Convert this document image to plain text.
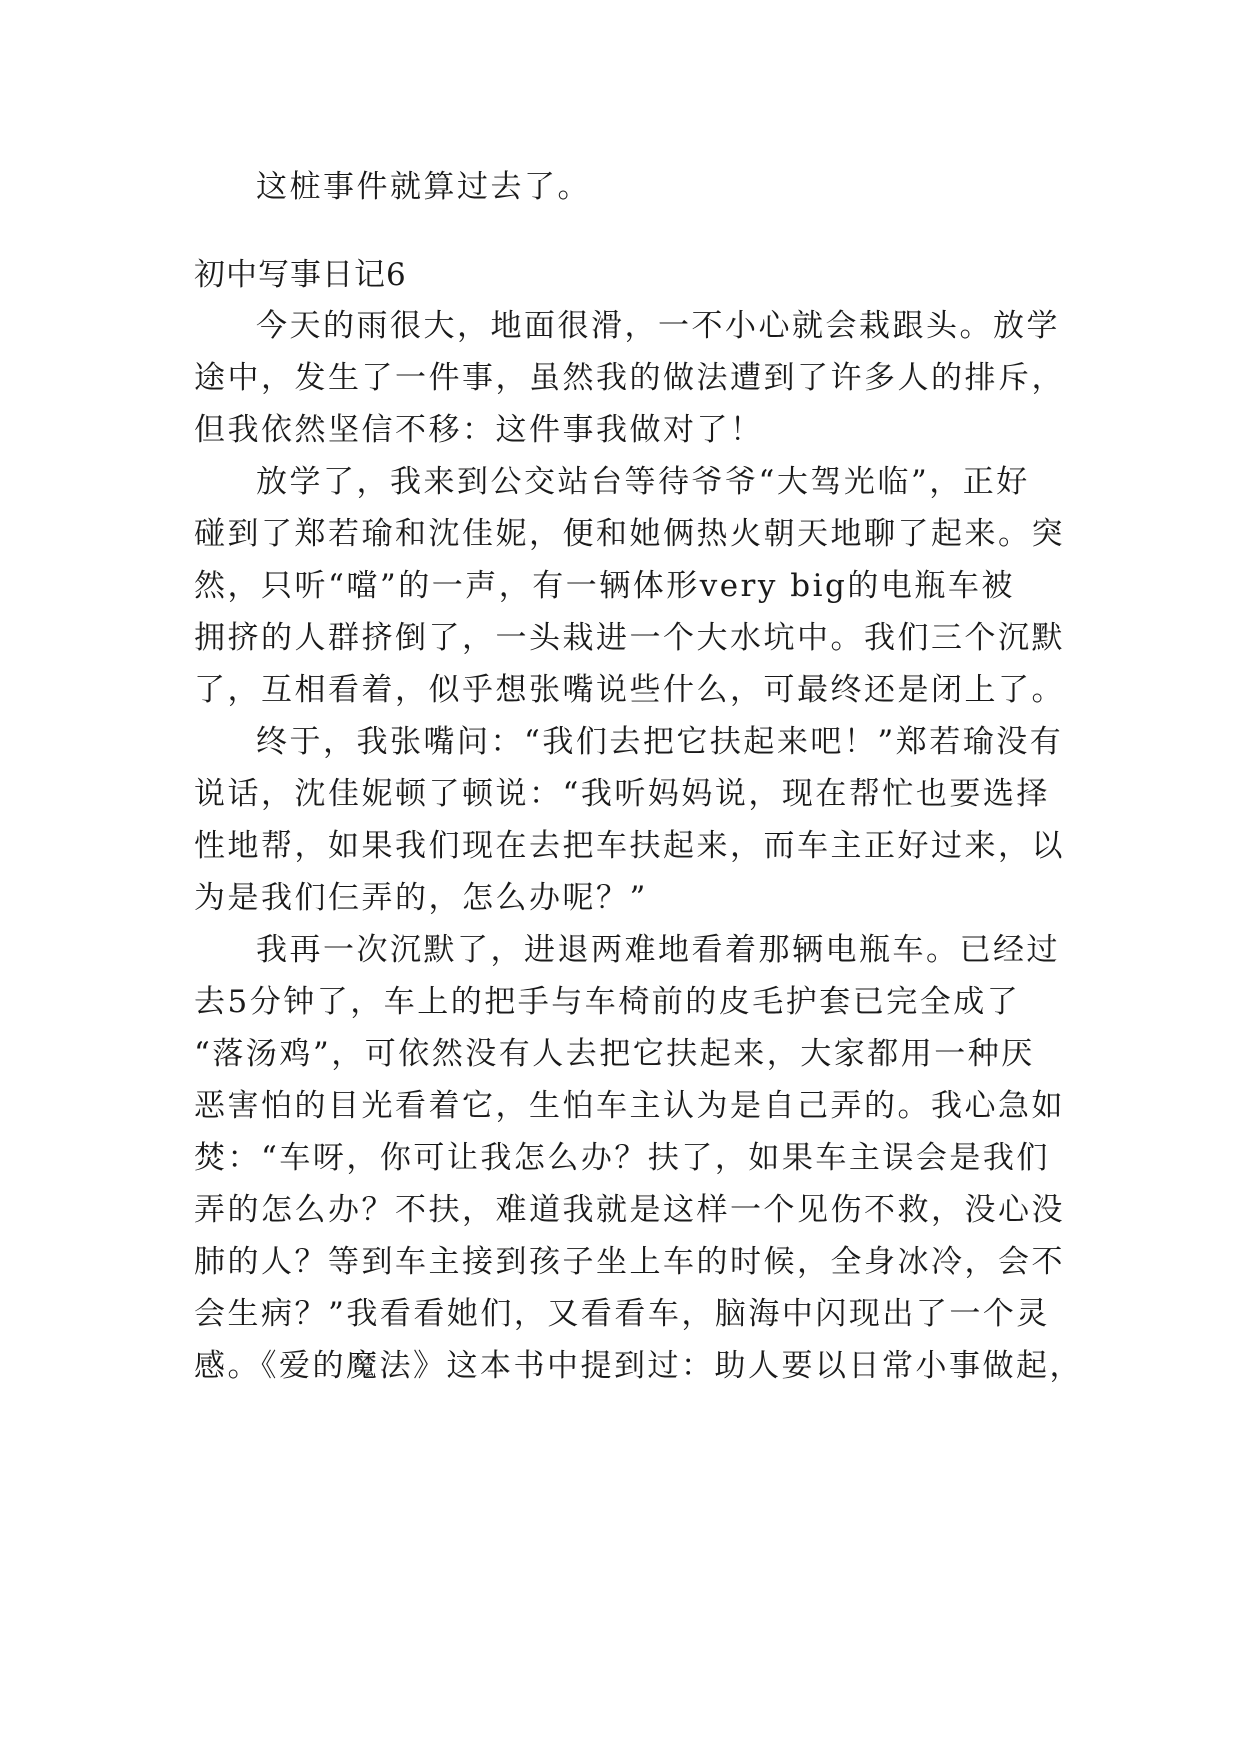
这桩事件就算过去了。
初中写事日记6
今天的雨很大，地面很滑，一不小心就会栽跟头。放学
途中，发生了一件事，虽然我的做法遭到了许多人的排斥，
但我依然坚信不移：这件事我做对了！
放学了，我来到公交站台等待爷爷“大驾光临”，正好
碰到了郑若瑜和沈佳妮，便和她俩热火朝天地聊了起来。突
然，只听“噹”的一声，有一辆体形very big的电瓶车被
拥挤的人群挤倒了，一头栽进一个大水坑中。我们三个沉默
了，互相看着，似乎想张嘴说些什么，可最终还是闭上了。
终于，我张嘴问：“我们去把它扶起来吧！”郑若瑜没有
说话，沈佳妮顿了顿说：“我听妈妈说，现在帮忙也要选择
性地帮，如果我们现在去把车扶起来，而车主正好过来，以
为是我们仨弄的，怎么办呢？”
我再一次沉默了，进退两难地看着那辆电瓶车。已经过
去5分钟了，车上的把手与车椅前的皮毛护套已完全成了
“落汤鸡”，可依然没有人去把它扶起来，大家都用一种厌
恶害怕的目光看着它，生怕车主认为是自己弄的。我心急如
焚：“车呀，你可让我怎么办？扶了，如果车主误会是我们
弄的怎么办？不扶，难道我就是这样一个见伤不救，没心没
肺的人？等到车主接到孩子坐上车的时候，全身冰冷，会不
会生病？”我看看她们，又看看车，脑海中闪现出了一个灵
感。《爱的魔法》这本书中提到过：助人要以日常小事做起，
